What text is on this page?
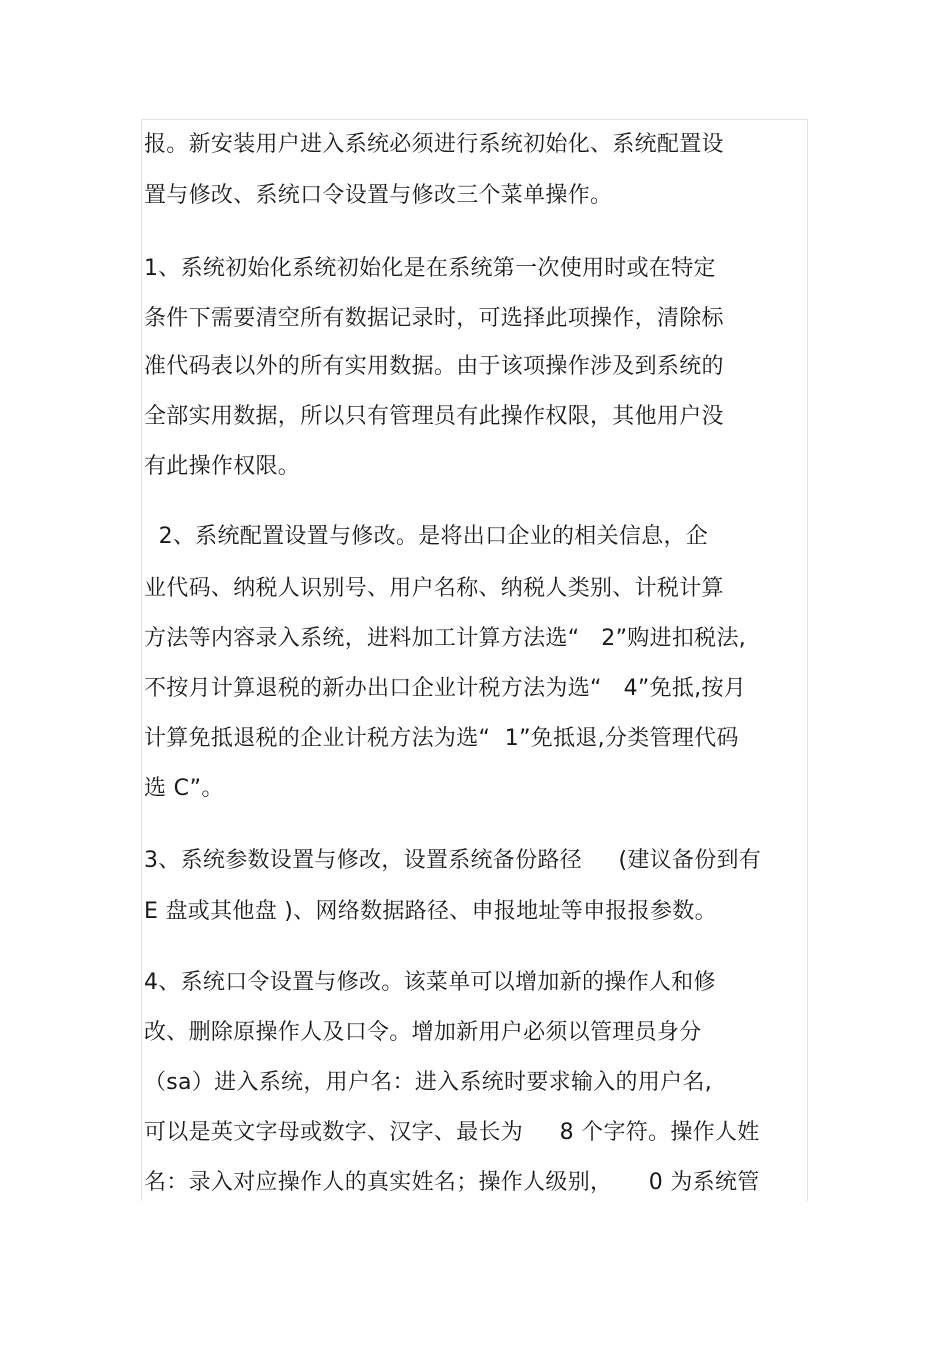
报。新安装用户进入系统必须进行系统初始化、系统配置设
置与修改、系统口令设置与修改三个菜单操作。
1、系统初始化系统初始化是在系统第一次使用时或在特定
条件下需要清空所有数据记录时，可选择此项操作，清除标
准代码表以外的所有实用数据。由于该项操作涉及到系统的
全部实用数据，所以只有管理员有此操作权限，其他用户没
有此操作权限。
2、系统配置设置与修改。是将出口企业的相关信息，企
业代码、纳税人识别号、用户名称、纳税人类别、计税计算
方法等内容录入系统，进料加工计算方法选“   2”购进扣税法,
不按月计算退税的新办出口企业计税方法为选“   4”免抵,按月
计算免抵退税的企业计税方法为选“  1”免抵退,分类管理代码
选 C”。
3、系统参数设置与修改，设置系统备份路径     (建议备份到有
E 盘或其他盘 )、网络数据路径、申报地址等申报报参数。
4、系统口令设置与修改。该菜单可以增加新的操作人和修
改、删除原操作人及口令。增加新用户必须以管理员身分
（sa）进入系统，用户名：进入系统时要求输入的用户名,
可以是英文字母或数字、汉字、最长为     8 个字符。操作人姓
名：录入对应操作人的真实姓名；操作人级别，     0 为系统管
